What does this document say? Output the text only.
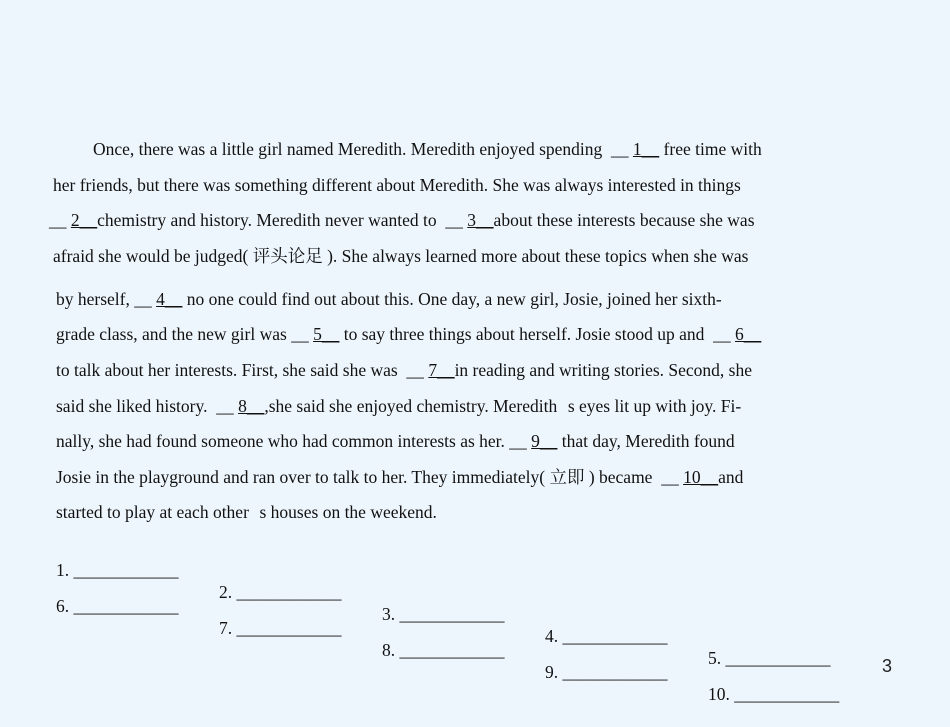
Once, there was a little girl named Meredith. Meredith enjoyed spending  __ 1__ free time with
her friends, but there was something different about Meredith. She was always interested in things
__ 2__chemistry and history. Meredith never wanted to  __ 3__about these interests because she was
afraid she would be judged( 评头论足 ). She always learned more about these topics when she was
by herself, __ 4__ no one could find out about this. One day, a new girl, Josie, joined her sixth-
grade class, and the new girl was __ 5__ to say three things about herself. Josie stood up and  __ 6__
to talk about her interests. First, she said she was  __ 7__in reading and writing stories. Second, she
said she liked history.  __ 8__,she said she enjoyed chemistry. Merediths eyes lit up with joy. Fi-
nally, she had found someone who had common interests as her. __ 9__ that day, Meredith found
Josie in the playground and ran over to talk to her. They immediately( 立即 ) became  __ 10__and
started to play at each others houses on the weekend.

1. ____________

2. ____________

3. ____________

4. ____________

5. ____________

6. ____________

7. ____________

8. ____________

9. ____________

10. ____________

3
